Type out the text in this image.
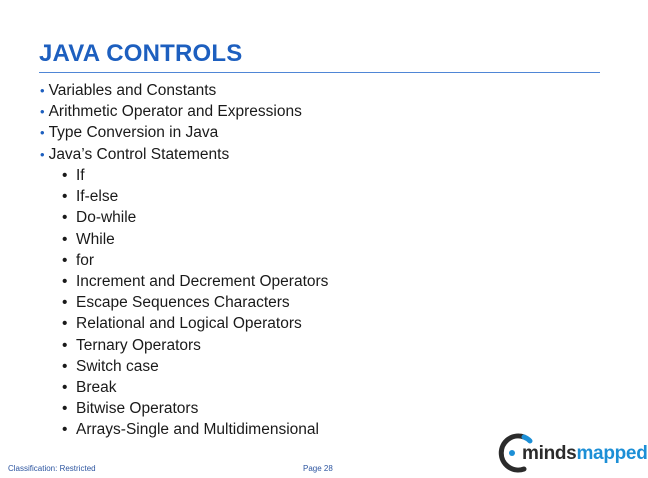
JAVA CONTROLS
• Variables and Constants
• Arithmetic Operator and Expressions
• Type Conversion in Java
• Java’s Control Statements
• If
• If-else
• Do-while
• While
• for
• Increment and Decrement Operators
• Escape Sequences Characters
• Relational and Logical Operators
• Ternary Operators
• Switch case
• Break
• Bitwise Operators
• Arrays-Single and Multidimensional
Classification: Restricted	Page 28
mindsmapped
